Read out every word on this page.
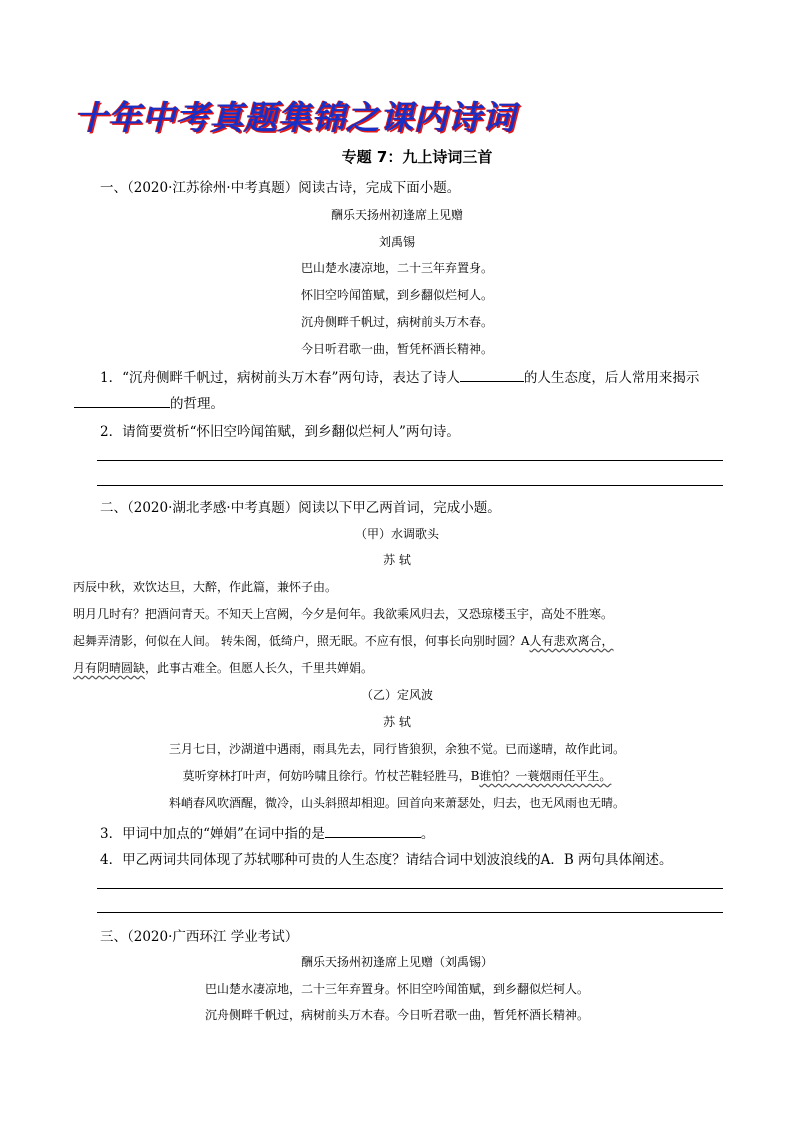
十年中考真题集锦之课内诗词
专题 7：九上诗词三首
一、（2020·江苏徐州·中考真题）阅读古诗，完成下面小题。
酬乐天扬州初逢席上见赠
刘禹锡
巴山楚水凄凉地，二十三年弃置身。
怀旧空吟闻笛赋，到乡翻似烂柯人。
沉舟侧畔千帆过，病树前头万木春。
今日听君歌一曲，暂凭杯酒长精神。
1．“沉舟侧畔千帆过，病树前头万木春”两句诗，表达了诗人	的人生态度，后人常用来揭示
的哲理。
2．请简要赏析“怀旧空吟闻笛赋，到乡翻似烂柯人”两句诗。
二、（2020·湖北孝感·中考真题）阅读以下甲乙两首词，完成小题。
（甲）水调歌头
苏 轼
丙辰中秋，欢饮达旦，大醉，作此篇，兼怀子由。
明月几时有？把酒问青天。不知天上宫阙，今夕是何年。我欲乘风归去，又恐琼楼玉宇，高处不胜寒。
起舞弄清影，何似在人间。 转朱阁，低绮户，照无眠。不应有恨，何事长向别时圆？A人有悲欢离合，
月有阴晴圆缺，此事古难全。但愿人长久，千里共婵娟。
（乙）定风波
苏 轼
三月七日，沙湖道中遇雨，雨具先去，同行皆狼狈，余独不觉。已而遂晴，故作此词。
莫听穿林打叶声，何妨吟啸且徐行。竹杖芒鞋轻胜马，B谁怕？一蓑烟雨任平生。
料峭春风吹酒醒，微冷，山头斜照却相迎。回首向来萧瑟处，归去，也无风雨也无晴。
3．甲词中加点的“婵娟”在词中指的是	。
4．甲乙两词共同体现了苏轼哪种可贵的人生态度？请结合词中划波浪线的A．B 两句具体阐述。
三、（2020·广西环江 学业考试）
酬乐天扬州初逢席上见赠（刘禹锡）
巴山楚水凄凉地，二十三年弃置身。怀旧空吟闻笛赋，到乡翻似烂柯人。
沉舟侧畔千帆过，病树前头万木春。今日听君歌一曲，暂凭杯酒长精神。
